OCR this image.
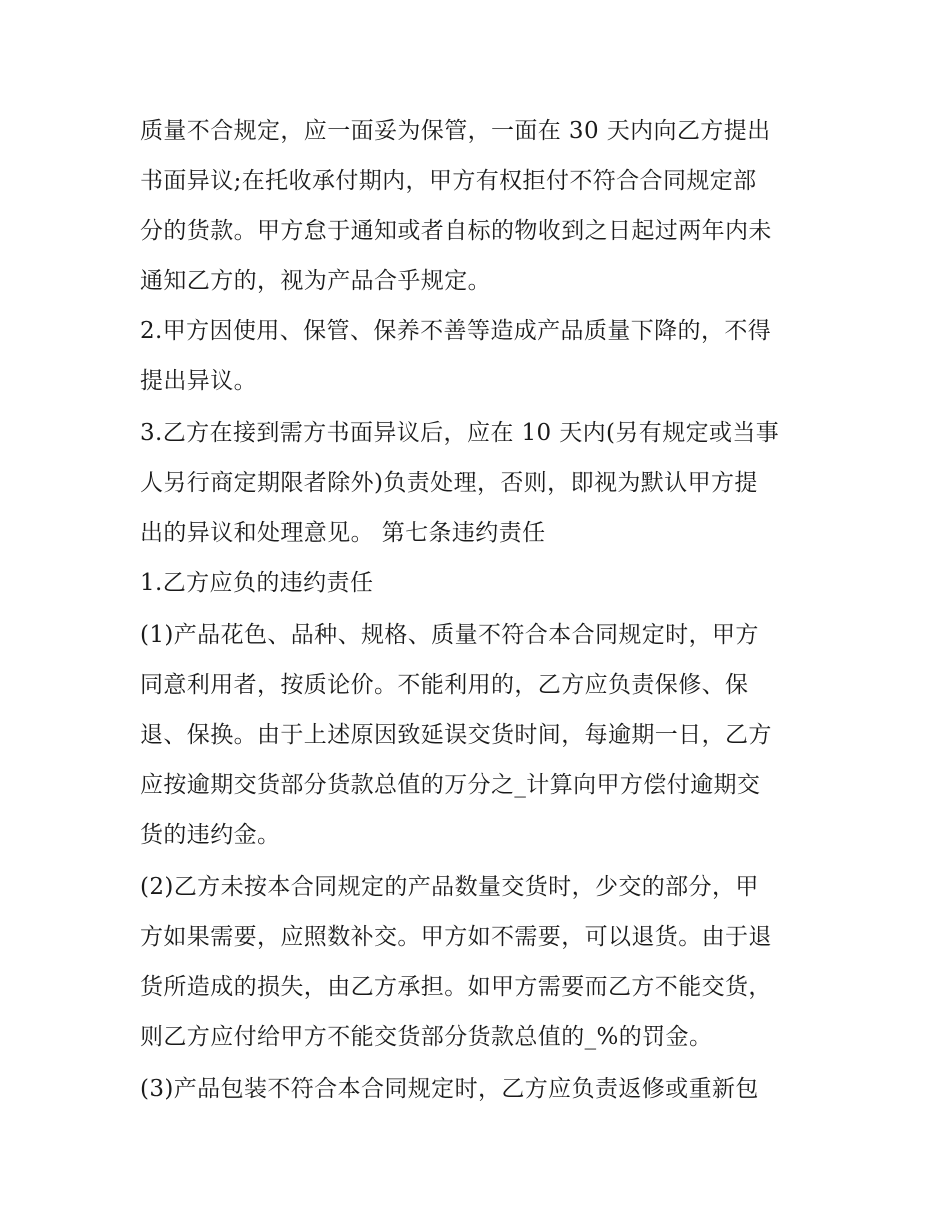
质量不合规定，应一面妥为保管，一面在 30 天内向乙方提出
书面异议;在托收承付期内，甲方有权拒付不符合合同规定部
分的货款。甲方怠于通知或者自标的物收到之日起过两年内未
通知乙方的，视为产品合乎规定。
2.甲方因使用、保管、保养不善等造成产品质量下降的，不得
提出异议。
3.乙方在接到需方书面异议后，应在 10 天内(另有规定或当事
人另行商定期限者除外)负责处理，否则，即视为默认甲方提
出的异议和处理意见。 第七条违约责任
1.乙方应负的违约责任
(1)产品花色、品种、规格、质量不符合本合同规定时，甲方
同意利用者，按质论价。不能利用的，乙方应负责保修、保
退、保换。由于上述原因致延误交货时间，每逾期一日，乙方
应按逾期交货部分货款总值的万分之_计算向甲方偿付逾期交
货的违约金。
(2)乙方未按本合同规定的产品数量交货时，少交的部分，甲
方如果需要，应照数补交。甲方如不需要，可以退货。由于退
货所造成的损失，由乙方承担。如甲方需要而乙方不能交货，
则乙方应付给甲方不能交货部分货款总值的_%的罚金。
(3)产品包装不符合本合同规定时，乙方应负责返修或重新包
